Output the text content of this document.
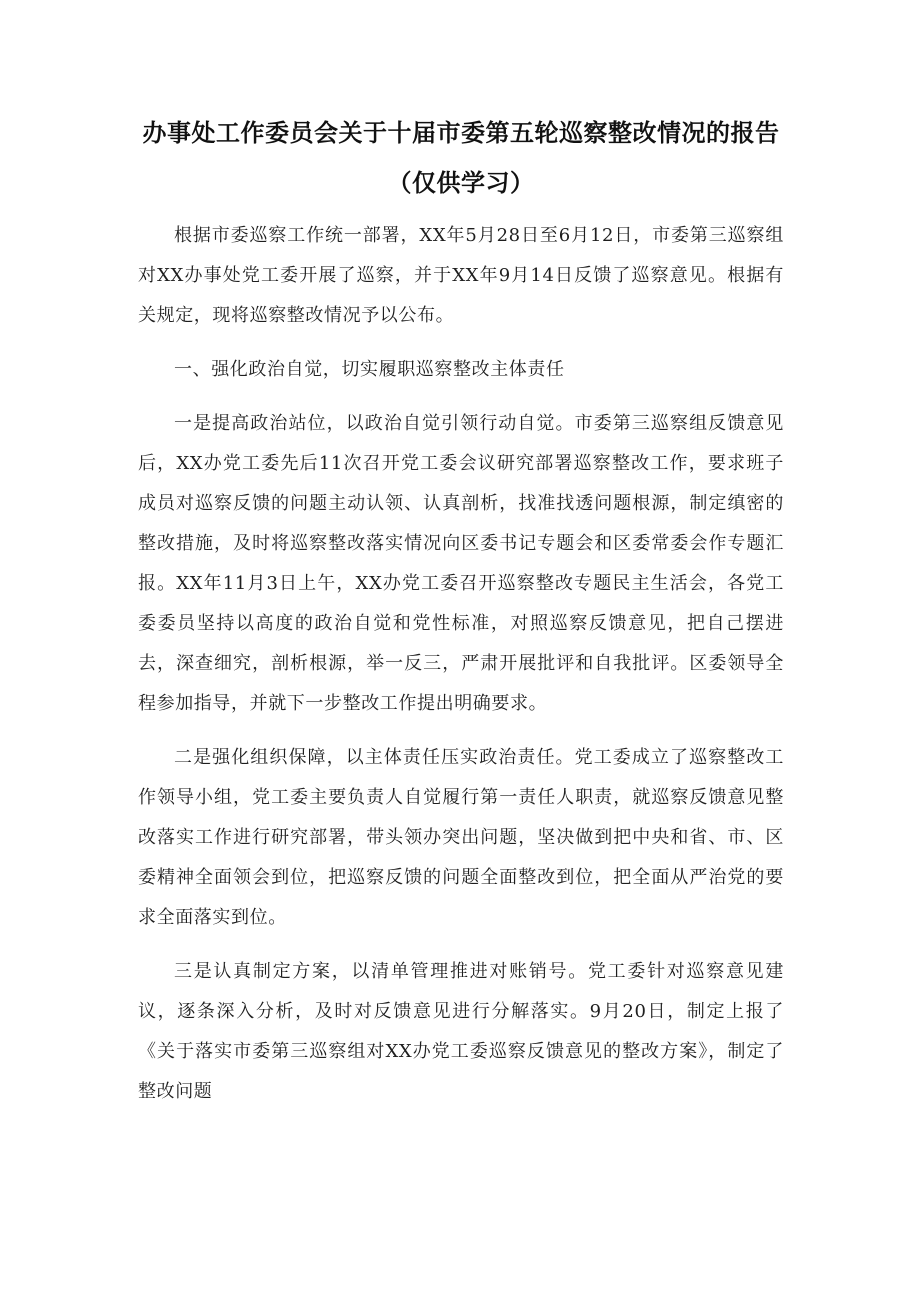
办事处工作委员会关于十届市委第五轮巡察整改情况的报告（仅供学习）

根据市委巡察工作统一部署，XX年5月28日至6月12日，市委第三巡察组对XX办事处党工委开展了巡察，并于XX年9月14日反馈了巡察意见。根据有关规定，现将巡察整改情况予以公布。

一、强化政治自觉，切实履职巡察整改主体责任

一是提高政治站位，以政治自觉引领行动自觉。市委第三巡察组反馈意见后，XX办党工委先后11次召开党工委会议研究部署巡察整改工作，要求班子成员对巡察反馈的问题主动认领、认真剖析，找准找透问题根源，制定缜密的整改措施，及时将巡察整改落实情况向区委书记专题会和区委常委会作专题汇报。XX年11月3日上午，XX办党工委召开巡察整改专题民主生活会，各党工委委员坚持以高度的政治自觉和党性标准，对照巡察反馈意见，把自己摆进去，深查细究，剖析根源，举一反三，严肃开展批评和自我批评。区委领导全程参加指导，并就下一步整改工作提出明确要求。

二是强化组织保障，以主体责任压实政治责任。党工委成立了巡察整改工作领导小组，党工委主要负责人自觉履行第一责任人职责，就巡察反馈意见整改落实工作进行研究部署，带头领办突出问题，坚决做到把中央和省、市、区委精神全面领会到位，把巡察反馈的问题全面整改到位，把全面从严治党的要求全面落实到位。

三是认真制定方案，以清单管理推进对账销号。党工委针对巡察意见建议，逐条深入分析，及时对反馈意见进行分解落实。9月20日，制定上报了《关于落实市委第三巡察组对XX办党工委巡察反馈意见的整改方案》，制定了整改问题
